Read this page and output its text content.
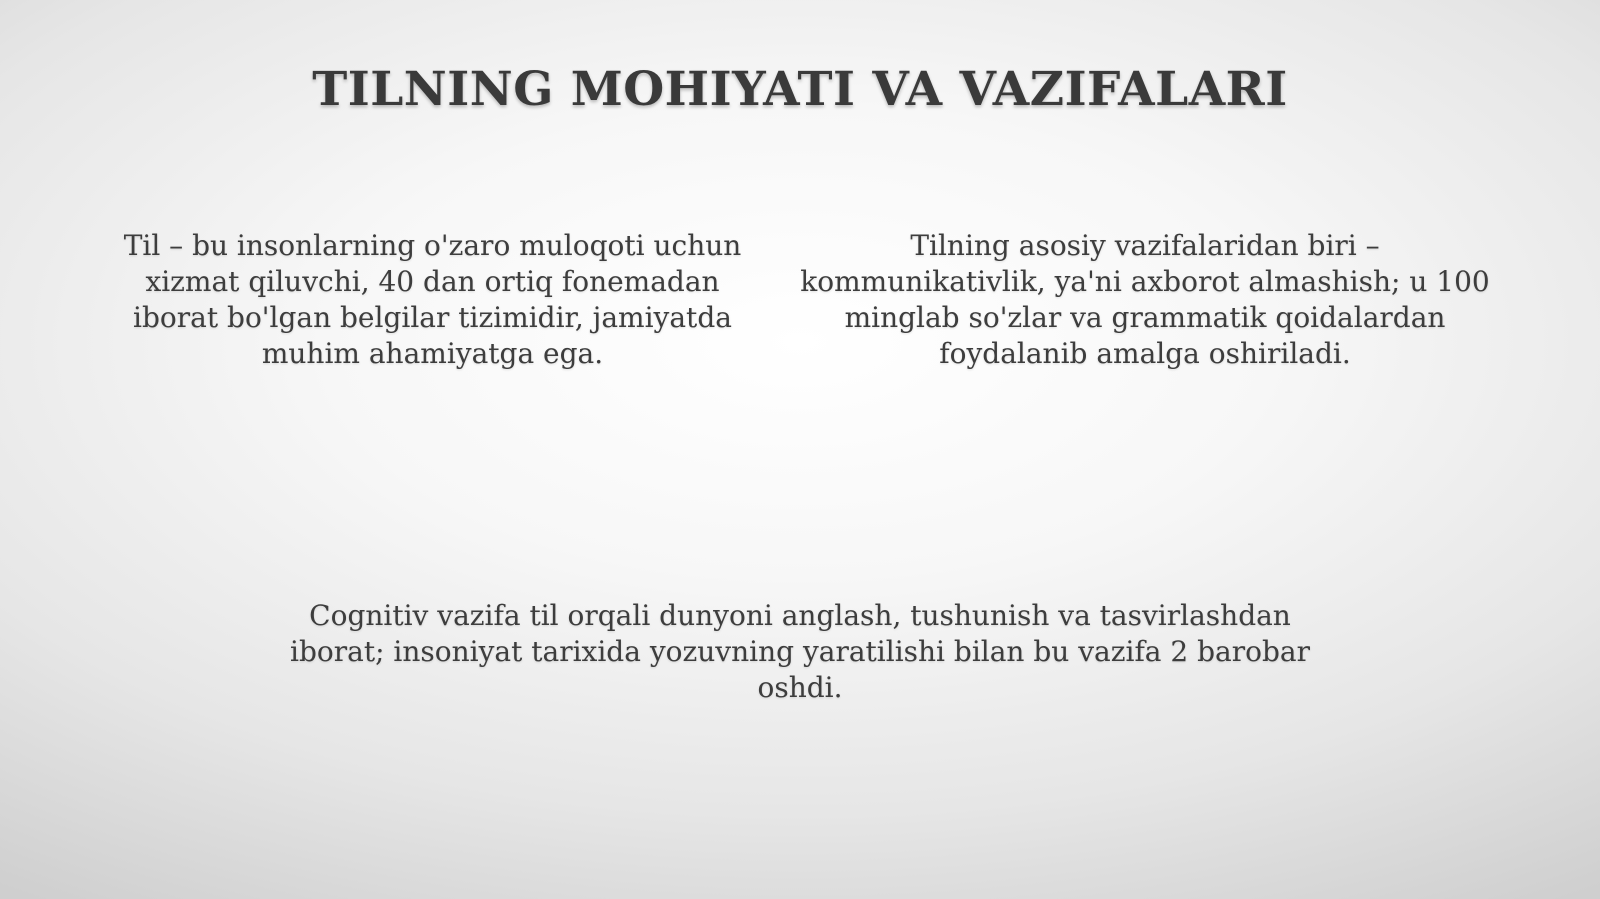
TILNING MOHIYATI VA VAZIFALARI
Til – bu insonlarning o'zaro muloqoti uchun xizmat qiluvchi, 40 dan ortiq fonemadan iborat bo'lgan belgilar tizimidir, jamiyatda muhim ahamiyatga ega.
Tilning asosiy vazifalaridan biri – kommunikativlik, ya'ni axborot almashish; u 100 minglab so'zlar va grammatik qoidalardan foydalanib amalga oshiriladi.
Cognitiv vazifa til orqali dunyoni anglash, tushunish va tasvirlashdan iborat; insoniyat tarixida yozuvning yaratilishi bilan bu vazifa 2 barobar oshdi.
